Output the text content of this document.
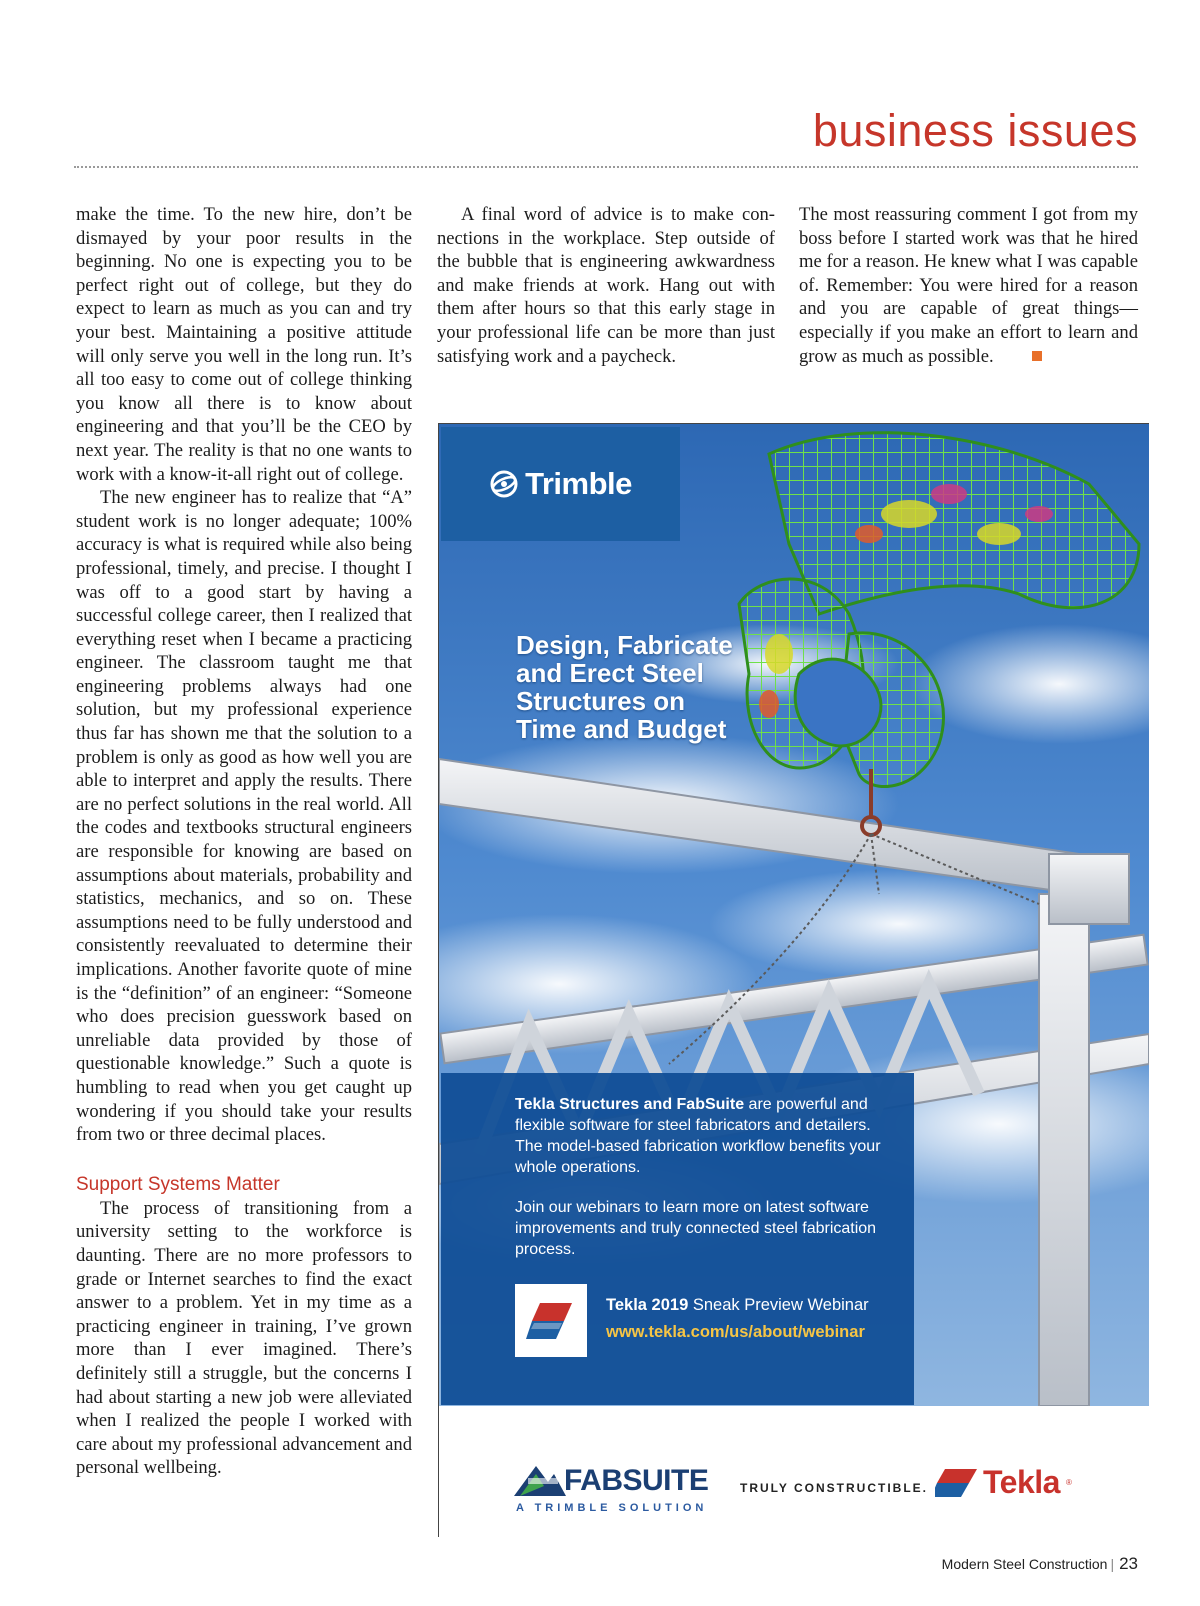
business issues

make the time. To the new hire, don’t be dismayed by your poor results in the beginning. No one is expecting you to be perfect right out of college, but they do expect to learn as much as you can and try your best. Maintaining a positive attitude will only serve you well in the long run. It’s all too easy to come out of college thinking you know all there is to know about engineering and that you’ll be the CEO by next year. The reality is that no one wants to work with a know-it-all right out of college.

The new engineer has to realize that “A” student work is no longer adequate; 100% accuracy is what is required while also being professional, timely, and precise. I thought I was off to a good start by having a successful college career, then I realized that everything reset when I became a practicing engineer. The classroom taught me that engineering problems always had one solution, but my professional experience thus far has shown me that the solution to a problem is only as good as how well you are able to interpret and apply the results. There are no perfect solutions in the real world. All the codes and textbooks structural engineers are responsible for knowing are based on assumptions about materials, probability and statistics, mechanics, and so on. These assumptions need to be fully understood and consistently reevaluated to determine their implications. Another favorite quote of mine is the “definition” of an engineer: “Someone who does precision guesswork based on unreliable data provided by those of questionable knowledge.” Such a quote is humbling to read when you get caught up wondering if you should take your results from two or three decimal places.

Support Systems Matter

The process of transitioning from a university setting to the workforce is daunting. There are no more professors to grade or Internet searches to find the exact answer to a problem. Yet in my time as a practicing engineer in training, I’ve grown more than I ever imagined. There’s definitely still a struggle, but the concerns I had about starting a new job were alleviated when I realized the people I worked with care about my professional advancement and personal wellbeing.

A final word of advice is to make connections in the workplace. Step outside of the bubble that is engineering awkwardness and make friends at work. Hang out with them after hours so that this early stage in your professional life can be more than just satisfying work and a paycheck.

The most reassuring comment I got from my boss before I started work was that he hired me for a reason. He knew what I was capable of. Remember: You were hired for a reason and you are capable of great things—especially if you make an effort to learn and grow as much as possible.

Trimble
Design, Fabricate
and Erect Steel
Structures on
Time and Budget

Tekla Structures and FabSuite are powerful and flexible software for steel fabricators and detailers. The model-based fabrication workflow benefits your whole operations.

Join our webinars to learn more on latest software improvements and truly connected steel fabrication process.

Tekla 2019 Sneak Preview Webinar
www.tekla.com/us/about/webinar
FABSUITE
A TRIMBLE SOLUTION
TRULY CONSTRUCTIBLE. Tekla ®
Modern Steel Construction | 23
